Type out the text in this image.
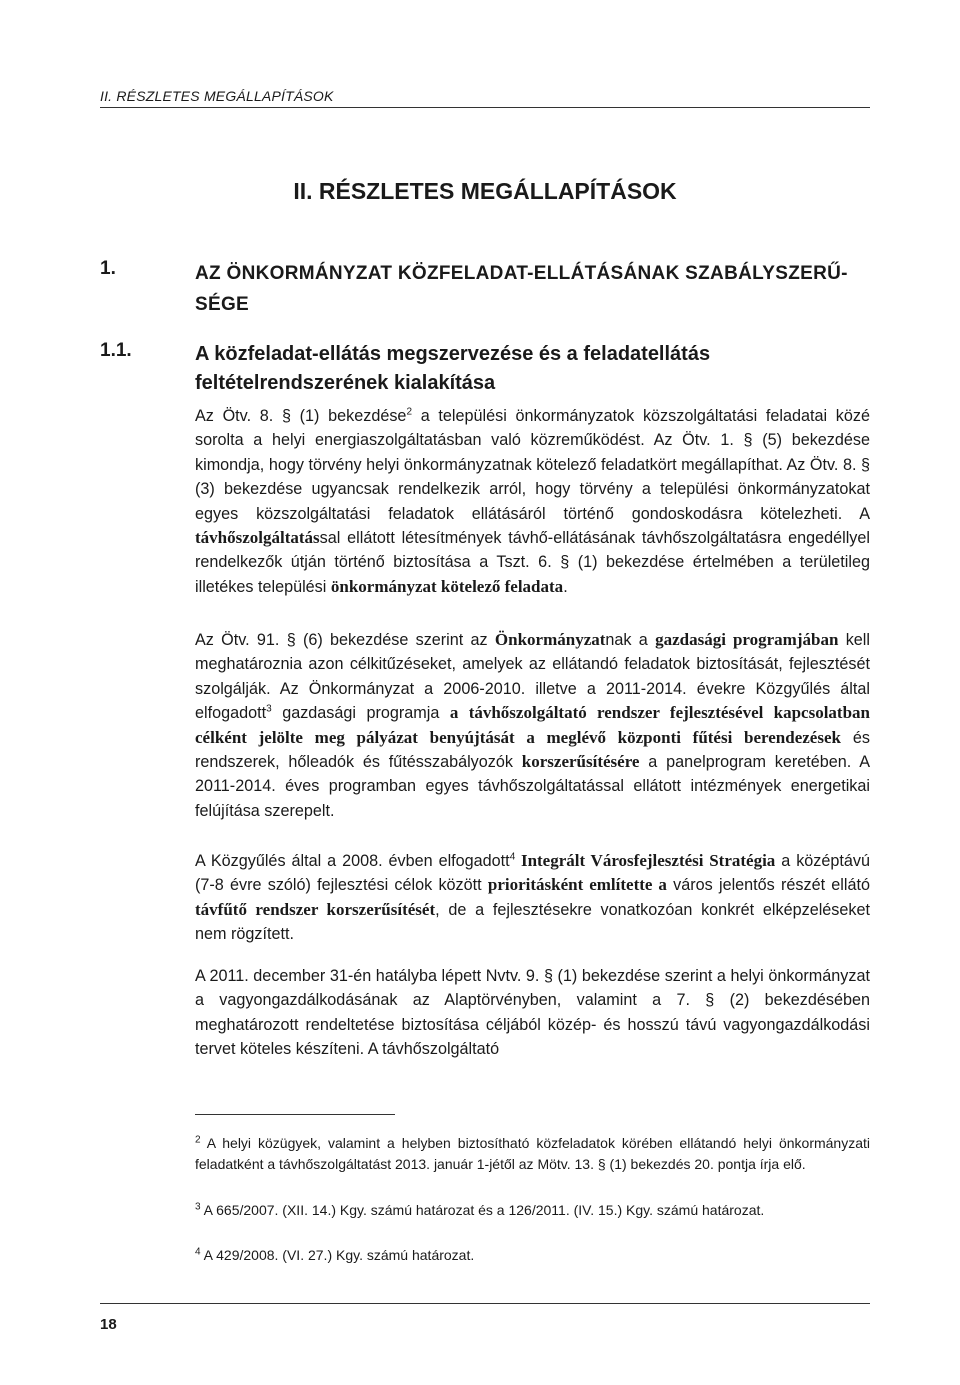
II. RÉSZLETES MEGÁLLAPÍTÁSOK
II. RÉSZLETES MEGÁLLAPÍTÁSOK
1.	AZ ÖNKORMÁNYZAT KÖZFELADAT-ELLÁTÁSÁNAK SZABÁLYSZERŰ-SÉGE
1.1.	A közfeladat-ellátás megszervezése és a feladatellátás feltételrendszerének kialakítása

Az Ötv. 8. § (1) bekezdése$^2$ a települési önkormányzatok közszolgáltatási feladatai közé sorolta a helyi energiaszolgáltatásban való közreműködést. Az Ötv. 1. § (5) bekezdése kimondja, hogy törvény helyi önkormányzatnak kötelező feladatkört megállapíthat. Az Ötv. 8. § (3) bekezdése ugyancsak rendelkezik arról, hogy törvény a települési önkormányzatokat egyes közszolgáltatási feladatok ellátásáról történő gondoskodásra kötelezheti. A távhőszolgáltatással ellátott létesítmények távhő-ellátásának távhőszolgáltatásra engedéllyel rendelkezők útján történő biztosítása a Tszt. 6. § (1) bekezdése értelmében a területileg illetékes települési önkormányzat kötelező feladata.

Az Ötv. 91. § (6) bekezdése szerint az Önkormányzatnak a gazdasági programjában kell meghatároznia azon célkitűzéseket, amelyek az ellátandó feladatok biztosítását, fejlesztését szolgálják. Az Önkormányzat a 2006-2010. illetve a 2011-2014. évekre Közgyűlés által elfogadott$^3$ gazdasági programja a távhőszolgáltató rendszer fejlesztésével kapcsolatban célként jelölte meg pályázat benyújtását a meglévő központi fűtési berendezések és rendszerek, hőleadók és fűtésszabályozók korszerűsítésére a panelprogram keretében. A 2011-2014. éves programban egyes távhőszolgáltatással ellátott intézmények energetikai felújítása szerepelt.

A Közgyűlés által a 2008. évben elfogadott$^4$ Integrált Városfejlesztési Stratégia a középtávú (7-8 évre szóló) fejlesztési célok között prioritásként említette a város jelentős részét ellátó távfűtő rendszer korszerűsítését, de a fejlesztésekre vonatkozóan konkrét elképzeléseket nem rögzített.

A 2011. december 31-én hatályba lépett Nvtv. 9. § (1) bekezdése szerint a helyi önkormányzat a vagyongazdálkodásának az Alaptörvényben, valamint a 7. § (2) bekezdésében meghatározott rendeltetése biztosítása céljából közép- és hosszú távú vagyongazdálkodási tervet köteles készíteni. A távhőszolgáltató

$^2$ A helyi közügyek, valamint a helyben biztosítható közfeladatok körében ellátandó helyi önkormányzati feladatként a távhőszolgáltatást 2013. január 1-jétől az Mötv. 13. § (1) bekezdés 20. pontja írja elő.

$^3$ A 665/2007. (XII. 14.) Kgy. számú határozat és a 126/2011. (IV. 15.) Kgy. számú határozat.

$^4$ A 429/2008. (VI. 27.) Kgy. számú határozat.

18
